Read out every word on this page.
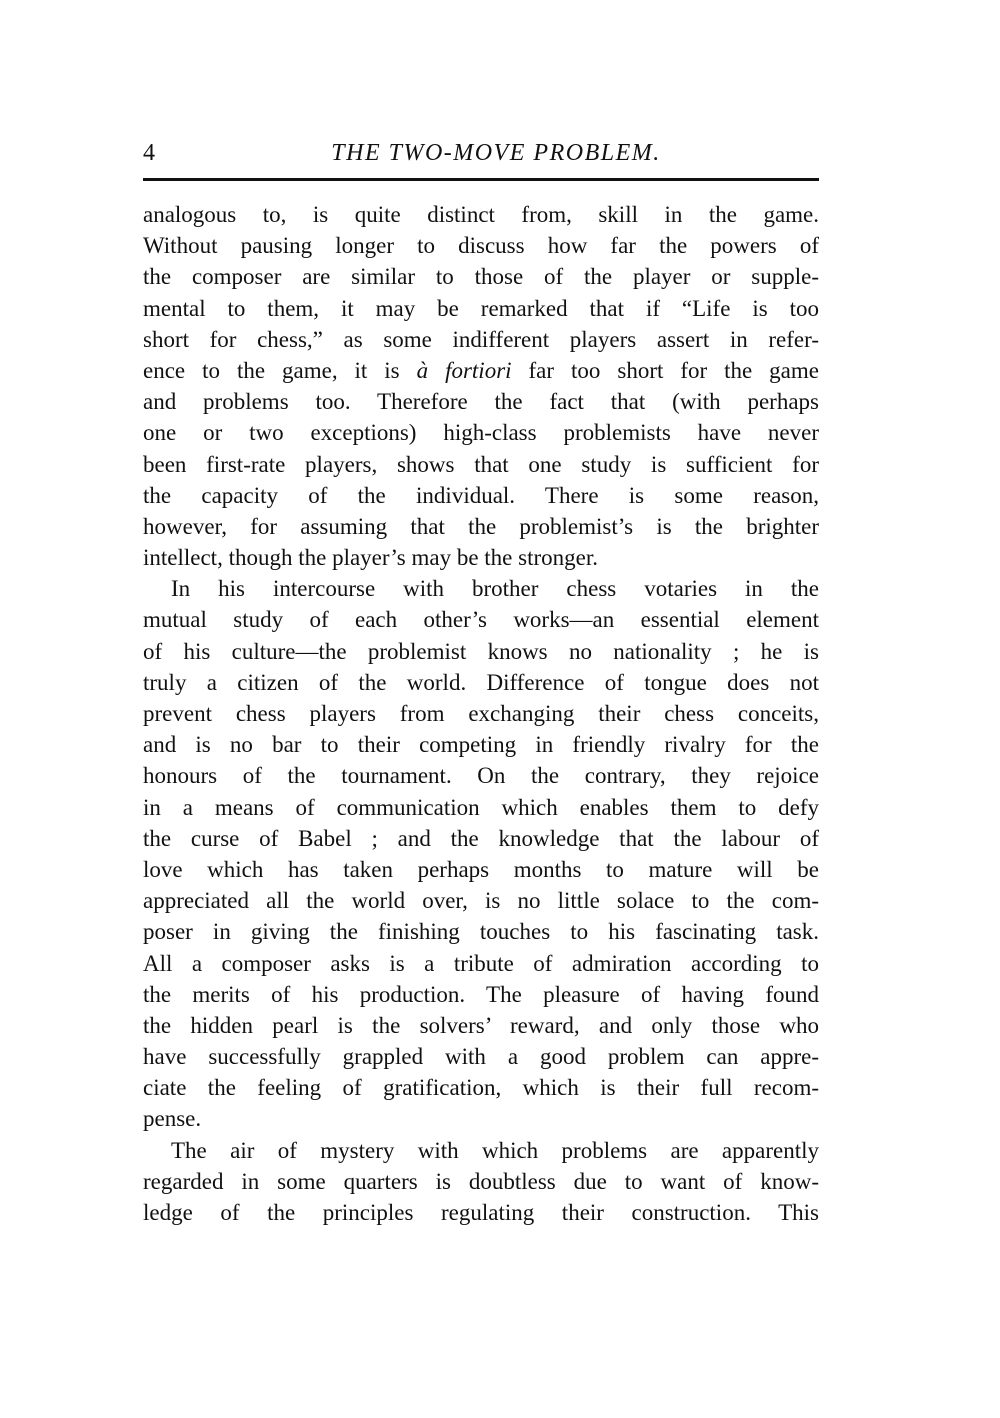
4	THE TWO-MOVE PROBLEM.
analogous to, is quite distinct from, skill in the game.
Without pausing longer to discuss how far the powers of
the composer are similar to those of the player or supple-
mental to them, it may be remarked that if “Life is too
short for chess,” as some indifferent players assert in refer-
ence to the game, it is à fortiori far too short for the game
and problems too. Therefore the fact that (with perhaps
one or two exceptions) high-class problemists have never
been first-rate players, shows that one study is sufficient for
the capacity of the individual. There is some reason,
however, for assuming that the problemist’s is the brighter
intellect, though the player’s may be the stronger.
In his intercourse with brother chess votaries in the
mutual study of each other’s works—an essential element
of his culture—the problemist knows no nationality ; he is
truly a citizen of the world. Difference of tongue does not
prevent chess players from exchanging their chess conceits,
and is no bar to their competing in friendly rivalry for the
honours of the tournament. On the contrary, they rejoice
in a means of communication which enables them to defy
the curse of Babel ; and the knowledge that the labour of
love which has taken perhaps months to mature will be
appreciated all the world over, is no little solace to the com-
poser in giving the finishing touches to his fascinating task.
All a composer asks is a tribute of admiration according to
the merits of his production. The pleasure of having found
the hidden pearl is the solvers’ reward, and only those who
have successfully grappled with a good problem can appre-
ciate the feeling of gratification, which is their full recom-
pense.
The air of mystery with which problems are apparently
regarded in some quarters is doubtless due to want of know-
ledge of the principles regulating their construction. This
